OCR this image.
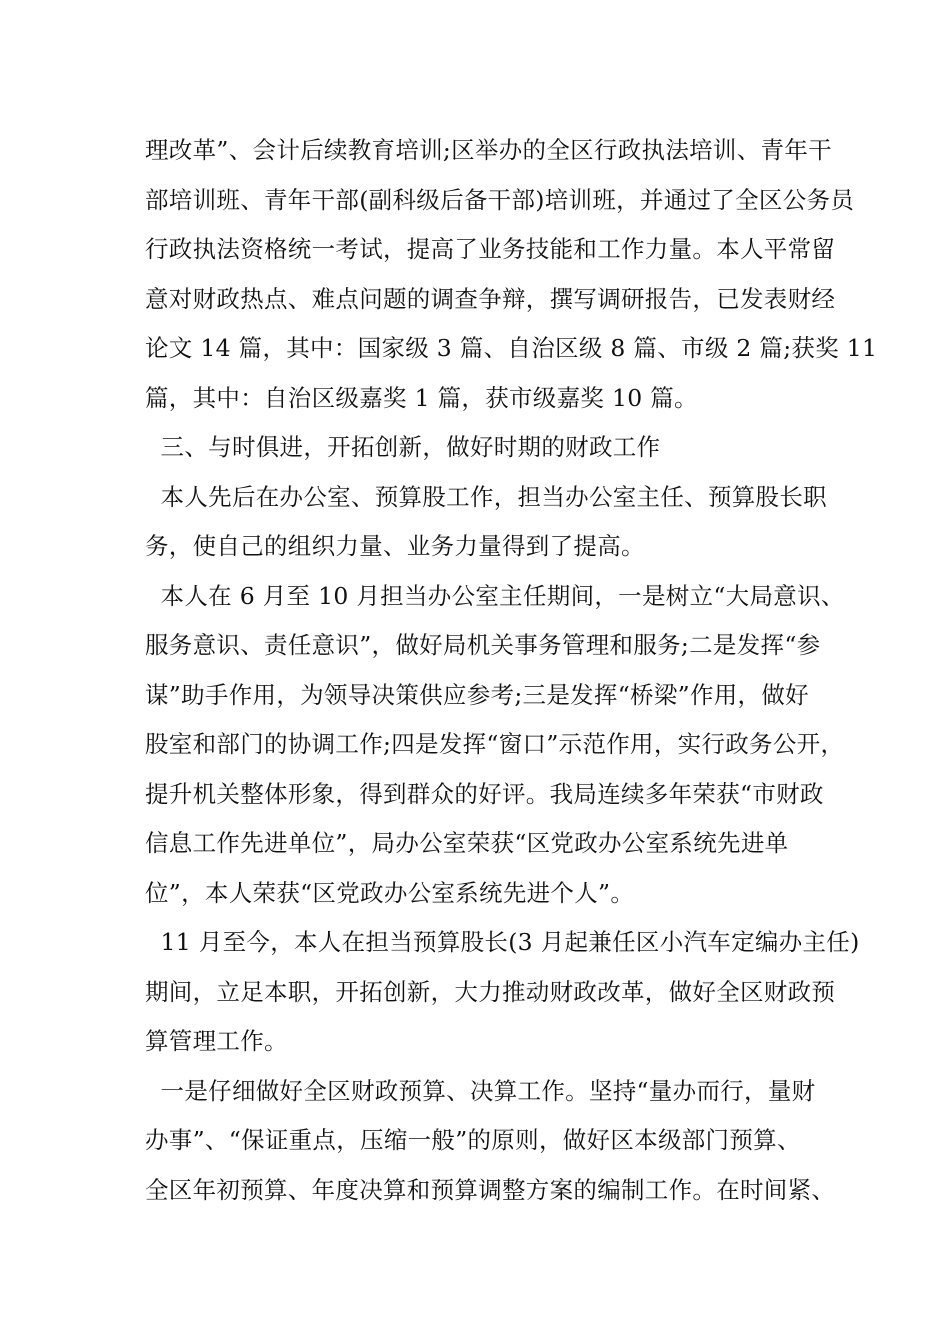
理改革”、会计后续教育培训;区举办的全区行政执法培训、青年干
部培训班、青年干部(副科级后备干部)培训班，并通过了全区公务员
行政执法资格统一考试，提高了业务技能和工作力量。本人平常留
意对财政热点、难点问题的调查争辩，撰写调研报告，已发表财经
论文 14 篇，其中：国家级 3 篇、自治区级 8 篇、市级 2 篇;获奖 11
篇，其中：自治区级嘉奖 1 篇，获市级嘉奖 10 篇。
三、与时俱进，开拓创新，做好时期的财政工作
本人先后在办公室、预算股工作，担当办公室主任、预算股长职
务，使自己的组织力量、业务力量得到了提高。
本人在 6 月至 10 月担当办公室主任期间，一是树立“大局意识、
服务意识、责任意识”，做好局机关事务管理和服务;二是发挥“参
谋”助手作用，为领导决策供应参考;三是发挥“桥梁”作用，做好
股室和部门的协调工作;四是发挥“窗口”示范作用，实行政务公开，
提升机关整体形象，得到群众的好评。我局连续多年荣获“市财政
信息工作先进单位”，局办公室荣获“区党政办公室系统先进单
位”，本人荣获“区党政办公室系统先进个人”。
11 月至今，本人在担当预算股长(3 月起兼任区小汽车定编办主任)
期间，立足本职，开拓创新，大力推动财政改革，做好全区财政预
算管理工作。
一是仔细做好全区财政预算、决算工作。坚持“量办而行，量财
办事”、“保证重点，压缩一般”的原则，做好区本级部门预算、
全区年初预算、年度决算和预算调整方案的编制工作。在时间紧、
